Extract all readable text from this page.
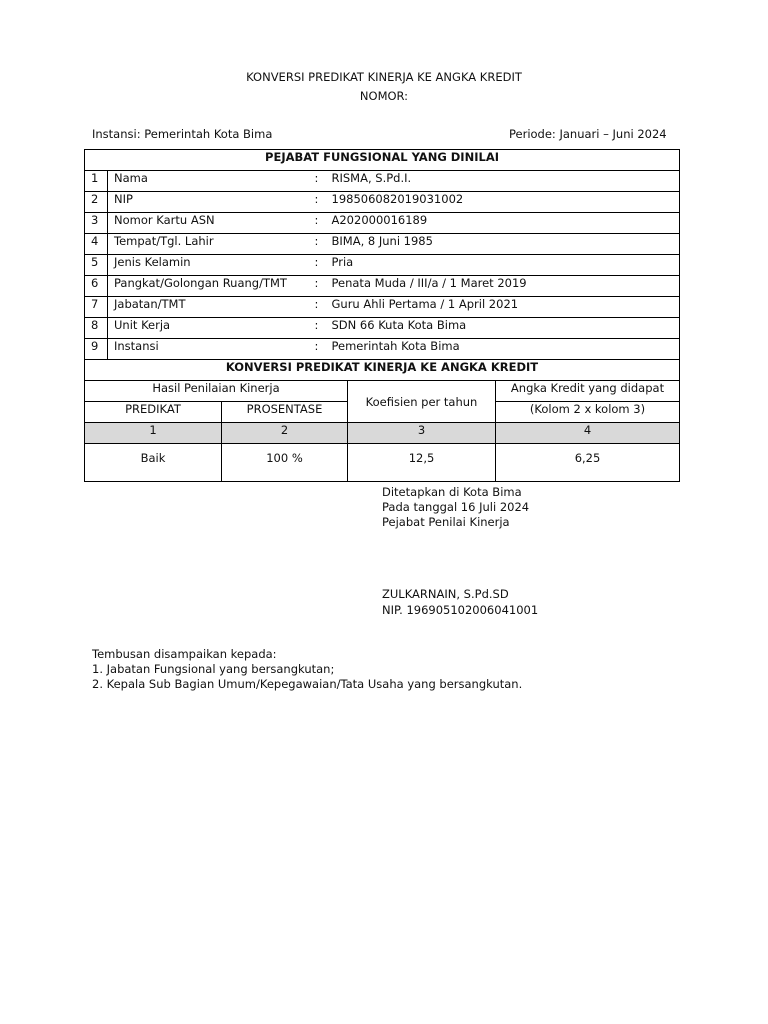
KONVERSI PREDIKAT KINERJA KE ANGKA KREDIT
NOMOR:
Instansi: Pemerintah Kota Bima	Periode: Januari – Juni 2024
PEJABAT FUNGSIONAL YANG DINILAI			
1	Nama	:	RISMA, S.Pd.I.
2	NIP	:	198506082019031002
3	Nomor Kartu ASN	:	A202000016189
4	Tempat/Tgl. Lahir	:	BIMA, 8 Juni 1985
5	Jenis Kelamin	:	Pria
6	Pangkat/Golongan Ruang/TMT	:	Penata Muda / III/a / 1 Maret 2019
7	Jabatan/TMT	:	Guru Ahli Pertama / 1 April 2021
8	Unit Kerja	:	SDN 66 Kuta Kota Bima
9	Instansi	:	Pemerintah Kota Bima
KONVERSI PREDIKAT KINERJA KE ANGKA KREDIT			
Hasil Penilaian Kinerja		Koefisien per tahun	Angka Kredit yang didapat
PREDIKAT	PROSENTASE		(Kolom 2 x kolom 3)
1	2	3	4
Baik	100 %	12,5	6,25
Ditetapkan di Kota Bima
Pada tanggal 16 Juli 2024
Pejabat Penilai Kinerja
ZULKARNAIN, S.Pd.SD
NIP. 196905102006041001
Tembusan disampaikan kepada:
1. Jabatan Fungsional yang bersangkutan;
2. Kepala Sub Bagian Umum/Kepegawaian/Tata Usaha yang bersangkutan.
